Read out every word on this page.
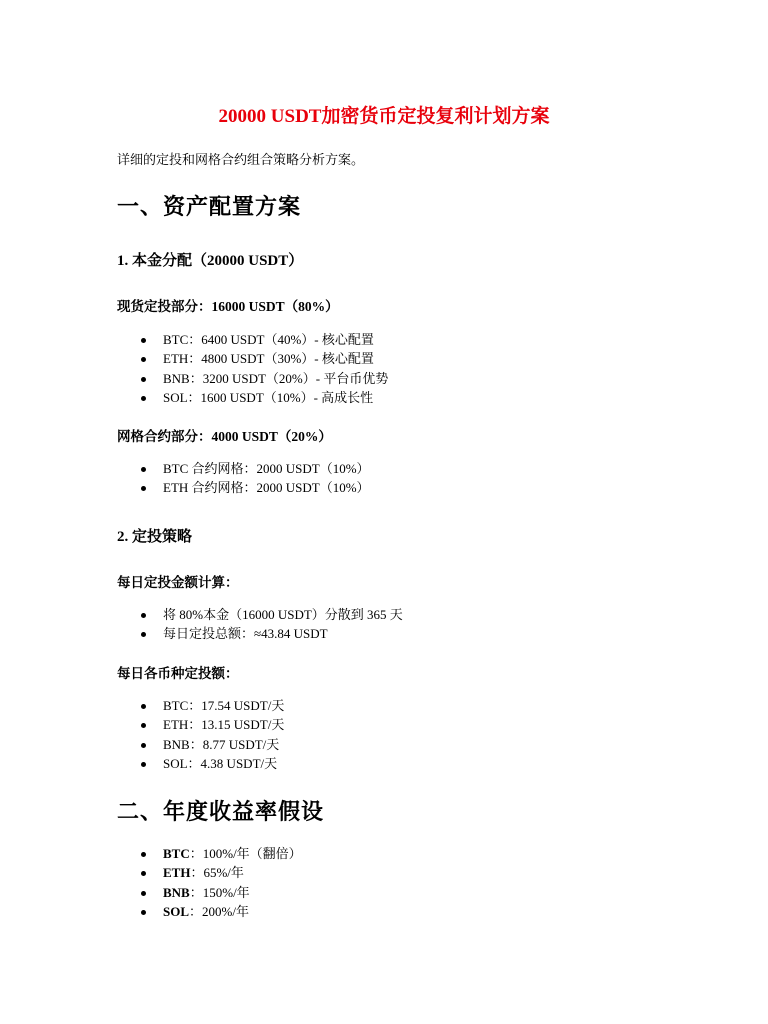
20000 USDT加密货币定投复利计划方案
详细的定投和网格合约组合策略分析方案。
一、资产配置方案
1. 本金分配（20000 USDT）
现货定投部分：16000 USDT（80%）
BTC：6400 USDT（40%）- 核心配置
ETH：4800 USDT（30%）- 核心配置
BNB：3200 USDT（20%）- 平台币优势
SOL：1600 USDT（10%）- 高成长性
网格合约部分：4000 USDT（20%）
BTC 合约网格：2000 USDT（10%）
ETH 合约网格：2000 USDT（10%）
2. 定投策略
每日定投金额计算：
将 80%本金（16000 USDT）分散到 365 天
每日定投总额：≈43.84 USDT
每日各币种定投额：
BTC：17.54 USDT/天
ETH：13.15 USDT/天
BNB：8.77 USDT/天
SOL：4.38 USDT/天
二、年度收益率假设
BTC：100%/年（翻倍）
ETH：65%/年
BNB：150%/年
SOL：200%/年
